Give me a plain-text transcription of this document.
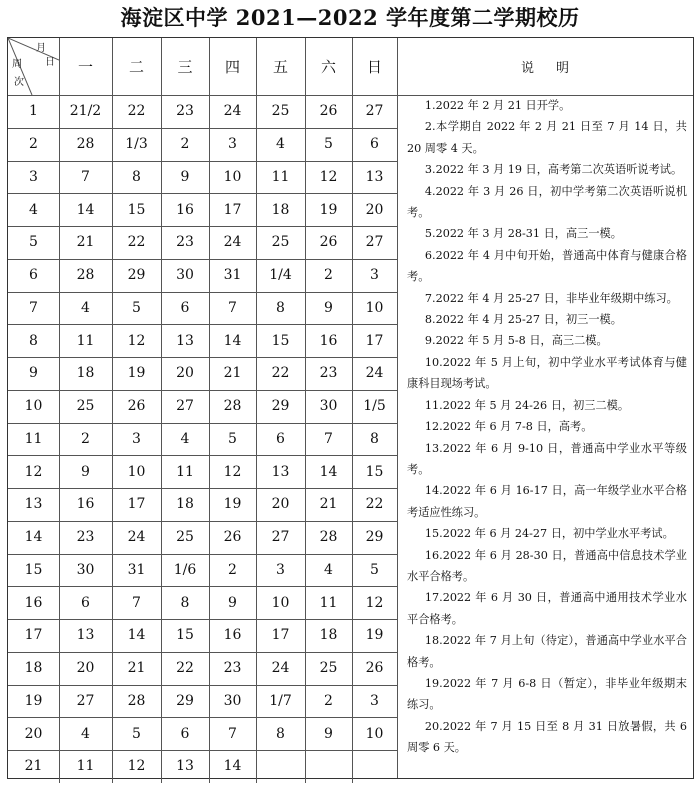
海淀区中学 2021—2022 学年度第二学期校历
月
日
周
次
说明

1.2022 年 2 月 21 日开学。

2.本学期自 2022 年 2 月 21 日至 7 月 14 日，共 20 周零 4 天。

3.2022 年 3 月 19 日，高考第二次英语听说考试。

4.2022 年 3 月 26 日，初中学考第二次英语听说机考。

5.2022 年 3 月 28-31 日，高三一模。

6.2022 年 4 月中旬开始，普通高中体育与健康合格考。

7.2022 年 4 月 25-27 日，非毕业年级期中练习。

8.2022 年 4 月 25-27 日，初三一模。

9.2022 年 5 月 5-8 日，高三二模。

10.2022 年 5 月上旬，初中学业水平考试体育与健康科目现场考试。

11.2022 年 5 月 24-26 日，初三二模。

12.2022 年 6 月 7-8 日，高考。

13.2022 年 6 月 9-10 日，普通高中学业水平等级考。

14.2022 年 6 月 16-17 日，高一年级学业水平合格考适应性练习。

15.2022 年 6 月 24-27 日，初中学业水平考试。

16.2022 年 6 月 28-30 日，普通高中信息技术学业水平合格考。

17.2022 年 6 月 30 日，普通高中通用技术学业水平合格考。

18.2022 年 7 月上旬（待定），普通高中学业水平合格考。

19.2022 年 7 月 6-8 日（暂定），非毕业年级期末练习。

20.2022 年 7 月 15 日至 8 月 31 日放暑假，共 6 周零 6 天。

一	二	三	四	五	六	日
1	21/2	22	23	24	25	26	27
2	28	1/3	2	3	4	5	6
3	7	8	9	10	11	12	13
4	14	15	16	17	18	19	20
5	21	22	23	24	25	26	27
6	28	29	30	31	1/4	2	3
7	4	5	6	7	8	9	10
8	11	12	13	14	15	16	17
9	18	19	20	21	22	23	24
10	25	26	27	28	29	30	1/5
11	2	3	4	5	6	7	8
12	9	10	11	12	13	14	15
13	16	17	18	19	20	21	22
14	23	24	25	26	27	28	29
15	30	31	1/6	2	3	4	5
16	6	7	8	9	10	11	12
17	13	14	15	16	17	18	19
18	20	21	22	23	24	25	26
19	27	28	29	30	1/7	2	3
20	4	5	6	7	8	9	10
21	11	12	13	14
